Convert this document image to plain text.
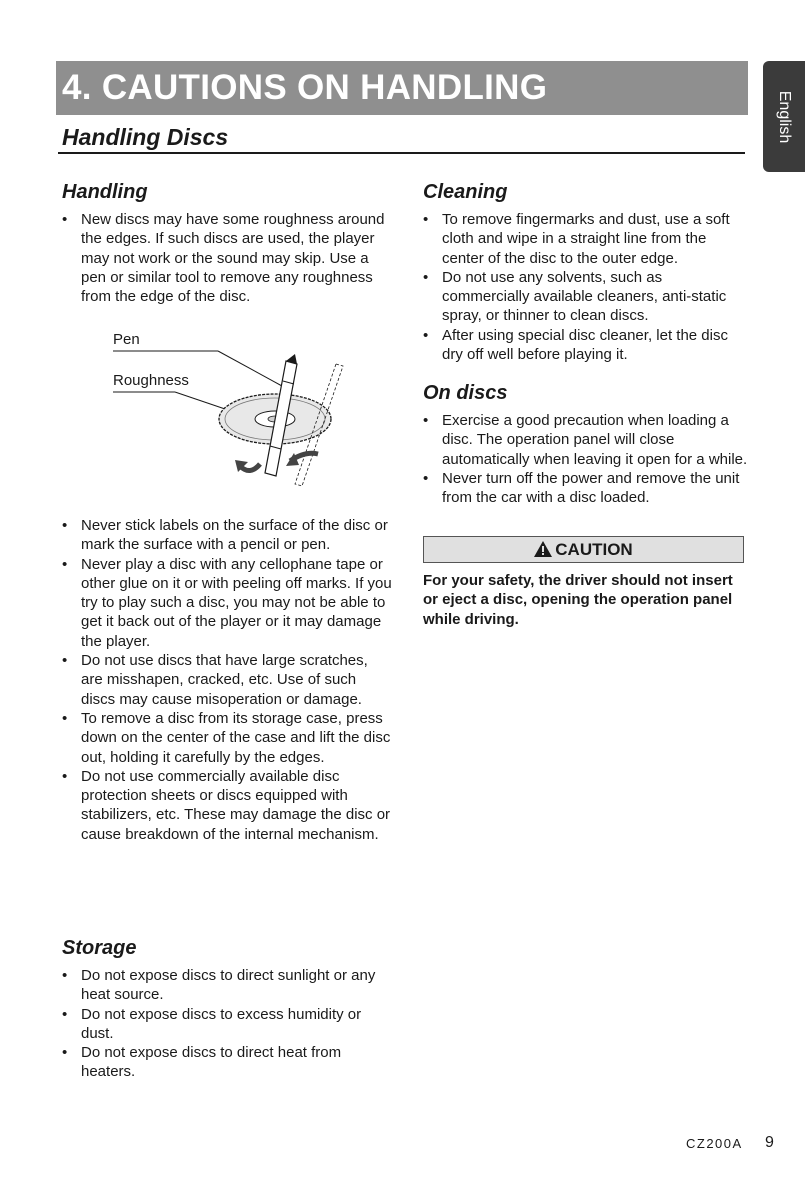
4. CAUTIONS ON HANDLING
English
Handling Discs
Handling
• New discs may have some roughness around the edges. If such discs are used, the player may not work or the sound may skip. Use a pen or similar tool to remove any roughness from the edge of the disc.
Pen
Roughness
• Never stick labels on the surface of the disc or mark the surface with a pencil or pen.
• Never play a disc with any cellophane tape or other glue on it or with peeling off marks. If you try to play such a disc, you may not be able to get it back out of the player or it may damage the player.
• Do not use discs that have large scratches, are misshapen, cracked, etc. Use of such discs may cause misoperation or damage.
• To remove a disc from its storage case, press down on the center of the case and lift the disc out, holding it carefully by the edges.
• Do not use commercially available disc protection sheets or discs equipped with stabilizers, etc. These may damage the disc or cause breakdown of the internal mechanism.
Storage
• Do not expose discs to direct sunlight or any heat source.
• Do not expose discs to excess humidity or dust.
• Do not expose discs to direct heat from heaters.
Cleaning
• To remove fingermarks and dust, use a soft cloth and wipe in a straight line from the center of the disc to the outer edge.
• Do not use any solvents, such as commercially available cleaners, anti-static spray, or thinner to clean discs.
• After using special disc cleaner, let the disc dry off well before playing it.
On discs
• Exercise a good precaution when loading a disc. The operation panel will close automatically when leaving it open for a while.
• Never turn off the power and remove the unit from the car with a disc loaded.
CAUTION
For your safety, the driver should not insert or eject a disc, opening the operation panel while driving.
CZ200A 9
